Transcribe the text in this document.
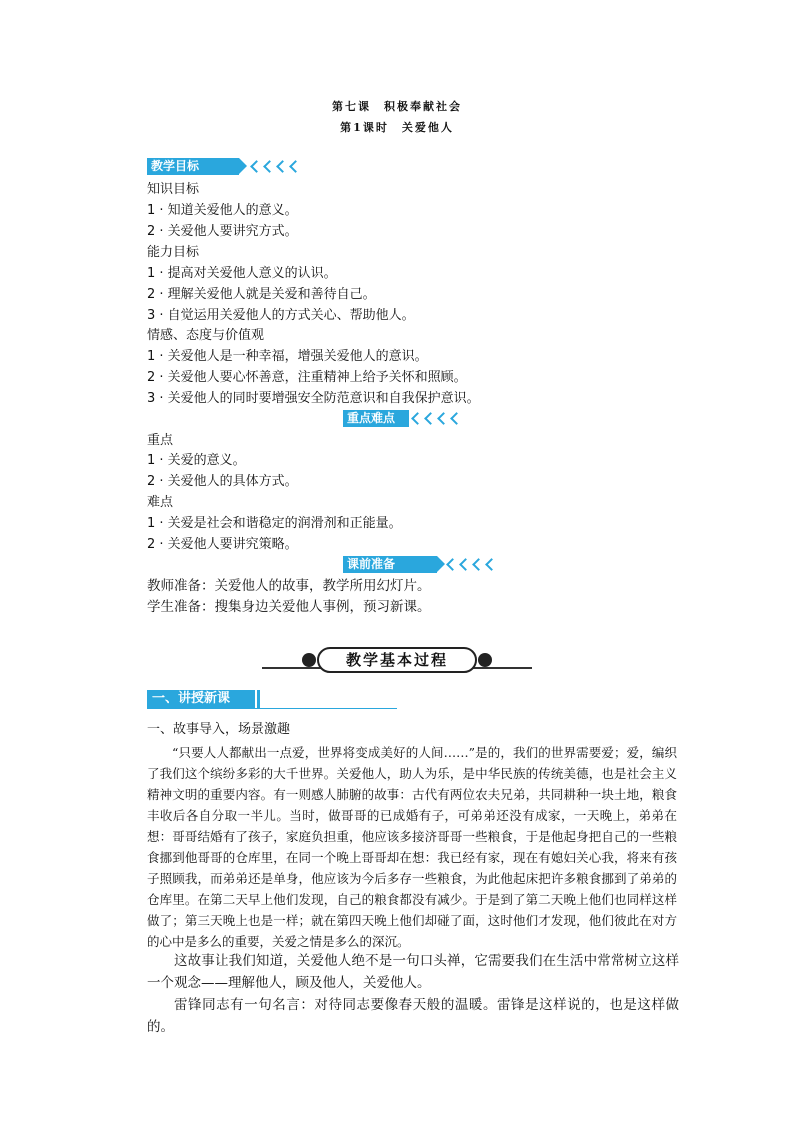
第七课　积极奉献社会
第1课时　关爱他人
教学目标
知识目标
1 · 知道关爱他人的意义。
2 · 关爱他人要讲究方式。
能力目标
1 · 提高对关爱他人意义的认识。
2 · 理解关爱他人就是关爱和善待自己。
3 · 自觉运用关爱他人的方式关心、帮助他人。
情感、态度与价值观
1 · 关爱他人是一种幸福，增强关爱他人的意识。
2 · 关爱他人要心怀善意，注重精神上给予关怀和照顾。
3 · 关爱他人的同时要增强安全防范意识和自我保护意识。
重点难点
重点
1 · 关爱的意义。
2 · 关爱他人的具体方式。
难点
1 · 关爱是社会和谐稳定的润滑剂和正能量。
2 · 关爱他人要讲究策略。
课前准备
教师准备：关爱他人的故事，教学所用幻灯片。
学生准备：搜集身边关爱他人事例，预习新课。
教学基本过程
一、讲授新课
一、故事导入，场景激趣

“只要人人都献出一点爱，世界将变成美好的人间……”是的，我们的世界需要爱；爱，编织了我们这个缤纷多彩的大千世界。关爱他人，助人为乐，是中华民族的传统美德，也是社会主义精神文明的重要内容。有一则感人肺腑的故事：古代有两位农夫兄弟，共同耕种一块土地，粮食丰收后各自分取一半儿。当时，做哥哥的已成婚有子，可弟弟还没有成家，一天晚上，弟弟在想：哥哥结婚有了孩子，家庭负担重，他应该多接济哥哥一些粮食，于是他起身把自己的一些粮食挪到他哥哥的仓库里，在同一个晚上哥哥却在想：我已经有家，现在有媳妇关心我，将来有孩子照顾我，而弟弟还是单身，他应该为今后多存一些粮食，为此他起床把许多粮食挪到了弟弟的仓库里。在第二天早上他们发现，自己的粮食都没有减少。于是到了第二天晚上他们也同样这样做了；第三天晚上也是一样；就在第四天晚上他们却碰了面，这时他们才发现，他们彼此在对方的心中是多么的重要，关爱之情是多么的深沉。

这故事让我们知道，关爱他人绝不是一句口头禅，它需要我们在生活中常常树立这样一个观念——理解他人，顾及他人，关爱他人。

雷锋同志有一句名言：对待同志要像春天般的温暖。雷锋是这样说的，也是这样做的。
